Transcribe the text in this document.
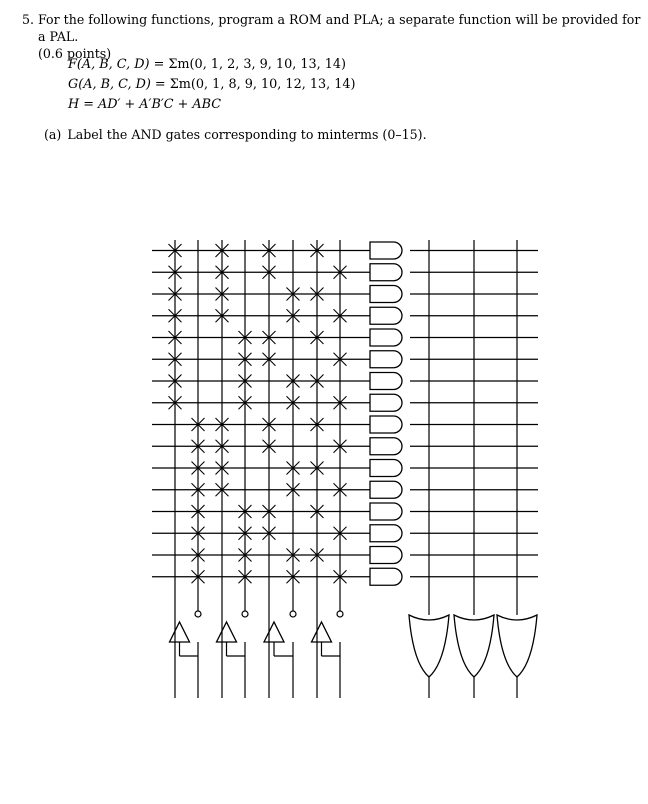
5. For the following functions, program a ROM and PLA; a separate function will be provided for a PAL.
(0.6 points)
F(A, B, C, D) = Σm(0, 1, 2, 3, 9, 10, 13, 14)
G(A, B, C, D) = Σm(0, 1, 8, 9, 10, 12, 13, 14)
H = AD′ + A′B′C + ABC
(a) Label the AND gates corresponding to minterms (0–15).
